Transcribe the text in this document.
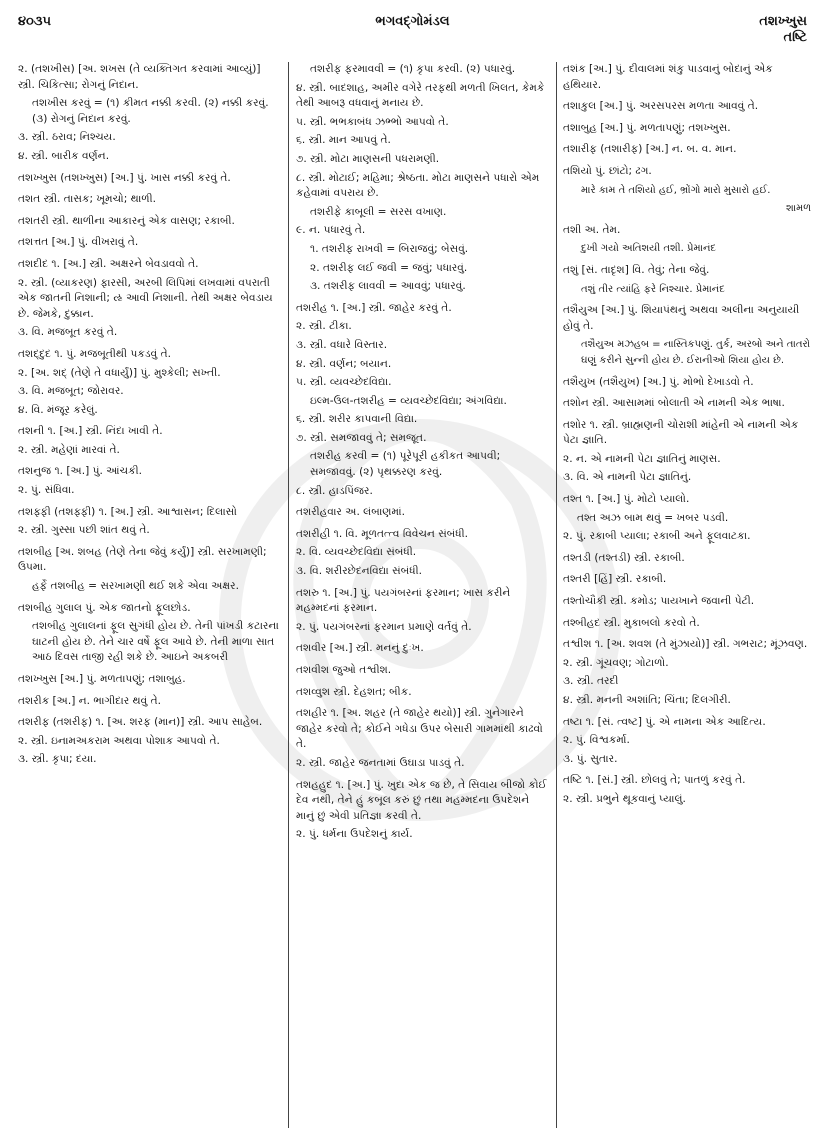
૪૦૩૫	ભગવદ્ગોમંડલ	તશખ્ખુસ
તષ્ટિ

૨. (તશખીસ) [અ. શખસ (તે વ્યક્તિગત કરવામાં આવ્યું)] સ્ત્રી. ચિકિત્સા; રોગનું નિદાન.

તશખીસ કરવું = (૧) કીમત નક્કી કરવી. (૨) નક્કી કરવું. (૩) રોગનું નિદાન કરવું.

૩. સ્ત્રી. ઠરાવ; નિશ્ચય.

૪. સ્ત્રી. બારીક વર્ણન.

તશખ્ખુસ (તશખ્ખુસ) [અ.] પું. ખાસ નક્કી કરવું તે.

તશત સ્ત્રી. તાસક; ખૂમચો; થાળી.

તશતરી સ્ત્રી. થાળીના આકારનું એક વાસણ; રકાબી.

તશત્તત [અ.] પું. વીખરાવું તે.

તશદીદ ૧. [અ.] સ્ત્રી. અક્ષરને બેવડાવવો તે.

૨. સ્ત્રી. (વ્યાકરણ) ફારસી, અરબી લિપિમાં લખવામાં વપરાતી એક જાતની નિશાની; ઌ આવી નિશાની. તેથી અક્ષર બેવડાય છે. જેમકે, દુક્કાન.

૩. વિ. મજબૂત કરવું તે.

તશદ્દુદ ૧. પું. મજબૂતીથી પકડવું તે.

૨. [અ. શદ્ (તેણે તે વધાર્યું)] પું. મુશ્કેલી; સખ્તી.

૩. વિ. મજબૂત; જોરાવર.

૪. વિ. મંજૂર કરેલું.

તશની ૧. [અ.] સ્ત્રી. નિંદા ખાવી તે.

૨. સ્ત્રી. મહેણાં મારવાં તે.

તશનુજ ૧. [અ.] પું. આંચકી.

૨. પું. સંધિવા.

તશફ્ફી (તશફ્ફી) ૧. [અ.] સ્ત્રી. આશ્વાસન; દિલાસો

૨. સ્ત્રી. ગુસ્સા પછી શાંત થવું તે.

તશબીહ [અ. શબહ (તેણે તેના જેવું કર્યું)] સ્ત્રી. સરખામણી; ઉપમા.

હર્ફે તશબીહ = સરખામણી થઈ શકે એવા અક્ષર.

તશબીહ ગુલાલ પું. એક જાતનો ફૂલછોડ.

તશબીહ ગુલાલનાં ફૂલ સુગંધી હોય છે. તેની પાંખડી કટારના ઘાટની હોય છે. તેને ચાર વર્ષે ફૂલ આવે છે. તેની માળા સાત આઠ દિવસ તાજી રહી શકે છે. આઇને અકબરી

તશખ્ખુસ [અ.] પું. મળતાપણું; તશાબુહ.

તશરીક [અ.] ન. ભાગીદાર થવું તે.

તશરીફ (તશરીફ) ૧. [અ. શરફ (માન)] સ્ત્રી. આપ સાહેબ.

૨. સ્ત્રી. ઇનામઅકરામ અથવા પોશાક આપવો તે.

૩. સ્ત્રી. કૃપા; દયા.

તશરીફ ફરમાવવી = (૧) કૃપા કરવી. (૨) પધારવું.

૪. સ્ત્રી. બાદશાહ, અમીર વગેરે તરફથી મળતી ખિલત, કેમકે તેથી આબરૂ વધવાનું મનાય છે.

૫. સ્ત્રી. ભભકાબંધ ઝભ્ભો આપવો તે.

૬. સ્ત્રી. માન આપવું તે.

૭. સ્ત્રી. મોટા માણસની પધરામણી.

૮. સ્ત્રી. મોટાઈ; મહિમા; શ્રેષ્ઠતા. મોટા માણસને પધારો એમ કહેવામાં વપરાય છે.

તશરીફે કાબૂલી = સરસ વખાણ.

૯. ન. પધારવું તે.

૧. તશરીફ રાખવી = બિરાજવું; બેસવું.

૨. તશરીફ લઈ જવી = જવું; પધારવું.

૩. તશરીફ લાવવી = આવવું; પધારવું.

તશરીહ ૧. [અ.] સ્ત્રી. જાહેર કરવું તે.

૨. સ્ત્રી. ટીકા.

૩. સ્ત્રી. વધારે વિસ્તાર.

૪. સ્ત્રી. વર્ણન; બયાન.

૫. સ્ત્રી. વ્યવચ્છેદવિદ્યા.

ઇલ્મ-ઉલ-તશરીહ = વ્યવચ્છેદવિદ્યા; અંગવિદ્યા.

૬. સ્ત્રી. શરીર કાપવાની વિદ્યા.

૭. સ્ત્રી. સમજાવવું તે; સમજૂત.

તશરીહ કરવી = (૧) પૂરેપૂરી હકીકત આપવી; સમજાવવું. (૨) પૃથક્કરણ કરવું.

૮. સ્ત્રી. હાડપિંજર.

તશરીહવાર અ. લંબાણમાં.

તશરીહી ૧. વિ. મૂળતત્ત્વ વિવેચન સંબંધી.

૨. વિ. વ્યવચ્છેદવિદ્યા સંબંધી.

૩. વિ. શરીરછેદનવિદ્યા સંબંધી.

તશરુ ૧. [અ.] પું. પયગંબરનાં ફરમાન; ખાસ કરીને મહમ્મદનાં ફરમાન.

૨. પું. પયગંબરનાં ફરમાન પ્રમાણે વર્તવું તે.

તશવીર [અ.] સ્ત્રી. મનનું દુઃખ.

તશવીશ જુઓ તશ્વીશ.

તશવ્વુશ સ્ત્રી. દેહશત; બીક.

તશહીર ૧. [અ. શહર (તે જાહેર થયો)] સ્ત્રી. ગુનેગારને જાહેર કરવો તે; કોઈને ગધેડા ઉપર બેસારી ગામમાંથી કાઢવો તે.

૨. સ્ત્રી. જાહેર જનતામાં ઉઘાડા પાડવું તે.

તશહહુદ ૧. [અ.] પું. ખુદા એક જ છે, તે સિવાય બીજો કોઈ દેવ નથી, તેને હું કબૂલ કરું છું તથા મહમ્મદના ઉપદેશને માનું છું એવી પ્રતિજ્ઞા કરવી તે.

૨. પું. ધર્મના ઉપદેશનું કાર્ય.

તશંક [અ.] પું. દીવાલમાં શંકુ પાડવાનું બોદાનું એક હથિયાર.

તશાકુલ [અ.] પું. અરસપરસ મળતા આવવું તે.

તશાબુહ [અ.] પું. મળતાપણું; તશખ્ખુસ.

તશારીફ (તશારીફ) [અ.] ન. બ. વ. માન.

તશિયો પું. છાંટો; ઢગ.

મારે કામ તે તશિયો હઈ, ભ્રોંગો મારો મુસારો હઈ.

શામળ

તશી અ. તેમ.

દુખી ગયો અતિશયી તશી. પ્રેમાનંદ

તશું [સં. તાદૃશ] વિ. તેવું; તેના જેવું.

તશું તીર ત્યાંહિ ફરે નિશ્ચાર. પ્રેમાનંદ

તશૈયુઅ [અ.] પું. શિયાપંથનું અથવા અલીના અનુયાયી હોવું તે.

તશૈયુઅ મઝહબ = નાસ્તિકપણું. તુર્ક, અરબો અને તાતરો ઘણું કરીને સુન્ની હોય છે. ઈરાનીઓ શિયા હોય છે.

તશૈયુખ (તશૈયુખ) [અ.] પું. મોભો દેખાડવો તે.

તશોન સ્ત્રી. આસામમાં બોલાતી એ નામની એક ભાષા.

તશોર ૧. સ્ત્રી. બ્રાહ્મણની ચોરાશી માંહેની એ નામની એક પેટા જ્ઞાતિ.

૨. ન. એ નામની પેટા જ્ઞાતિનું માણસ.

૩. વિ. એ નામની પેટા જ્ઞાતિનું.

તશ્ત ૧. [અ.] પું. મોટો પ્યાલો.

તશ્ત અઝ બામ થવું = ખબર પડવી.

૨. પું. રકાબી પ્યાલા; રકાબી અને ફૂલવાટકા.

તશ્તડી (તશ્તડી) સ્ત્રી. રકાબી.

તશ્તરી [હિં] સ્ત્રી. રકાબી.

તશ્તોચૌકી સ્ત્રી. કમોડ; પાયખાને જવાની પેટી.

તશ્બીહદ સ્ત્રી. મુકાબલો કરવો તે.

તશ્વીશ ૧. [અ. શવશ (તે મુંઝાયો)] સ્ત્રી. ગભરાટ; મૂંઝવણ.

૨. સ્ત્રી. ગૂંચવણ; ગોટાળો.

૩. સ્ત્રી. તરદી

૪. સ્ત્રી. મનની અશાંતિ; ચિંતા; દિલગીરી.

તષ્ટા ૧. [સં. ત્વષ્ટ] પું. એ નામના એક આદિત્ય.

૨. પું. વિશ્વકર્મા.

૩. પું. સુતાર.

તષ્ટિ ૧. [સં.] સ્ત્રી. છોલવું તે; પાતળું કરવું તે.

૨. સ્ત્રી. પ્રભુને થૂકવાનું પ્યાલું.
